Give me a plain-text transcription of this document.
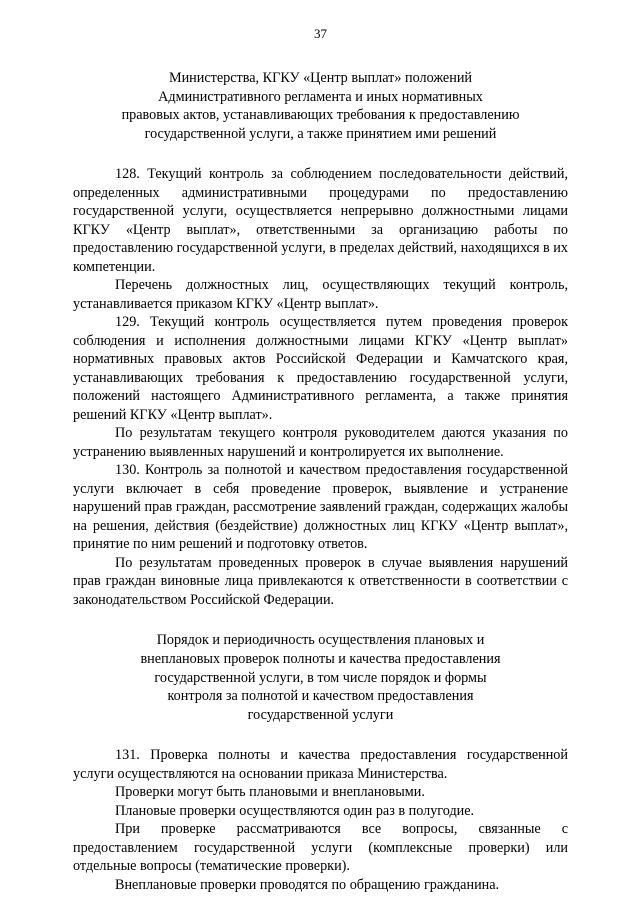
37
Министерства, КГКУ «Центр выплат» положений
Административного регламента и иных нормативных
правовых актов, устанавливающих требования к предоставлению
государственной услуги, а также принятием ими решений

128. Текущий контроль за соблюдением последовательности действий, определенных административными процедурами по предоставлению государственной услуги, осуществляется непрерывно должностными лицами КГКУ «Центр выплат», ответственными за организацию работы по предоставлению государственной услуги, в пределах действий, находящихся в их компетенции.

Перечень должностных лиц, осуществляющих текущий контроль, устанавливается приказом КГКУ «Центр выплат».

129. Текущий контроль осуществляется путем проведения проверок соблюдения и исполнения должностными лицами КГКУ «Центр выплат» нормативных правовых актов Российской Федерации и Камчатского края, устанавливающих требования к предоставлению государственной услуги, положений настоящего Административного регламента, а также принятия решений КГКУ «Центр выплат».

По результатам текущего контроля руководителем даются указания по устранению выявленных нарушений и контролируется их выполнение.

130. Контроль за полнотой и качеством предоставления государственной услуги включает в себя проведение проверок, выявление и устранение нарушений прав граждан, рассмотрение заявлений граждан, содержащих жалобы на решения, действия (бездействие) должностных лиц КГКУ «Центр выплат», принятие по ним решений и подготовку ответов.

По результатам проведенных проверок в случае выявления нарушений прав граждан виновные лица привлекаются к ответственности в соответствии с законодательством Российской Федерации.

Порядок и периодичность осуществления плановых и
внеплановых проверок полноты и качества предоставления
государственной услуги, в том числе порядок и формы
контроля за полнотой и качеством предоставления
государственной услуги

131. Проверка полноты и качества предоставления государственной услуги осуществляются на основании приказа Министерства.

Проверки могут быть плановыми и внеплановыми.

Плановые проверки осуществляются один раз в полугодие.

При проверке рассматриваются все вопросы, связанные с предоставлением государственной услуги (комплексные проверки) или отдельные вопросы (тематические проверки).

Внеплановые проверки проводятся по обращению гражданина.
